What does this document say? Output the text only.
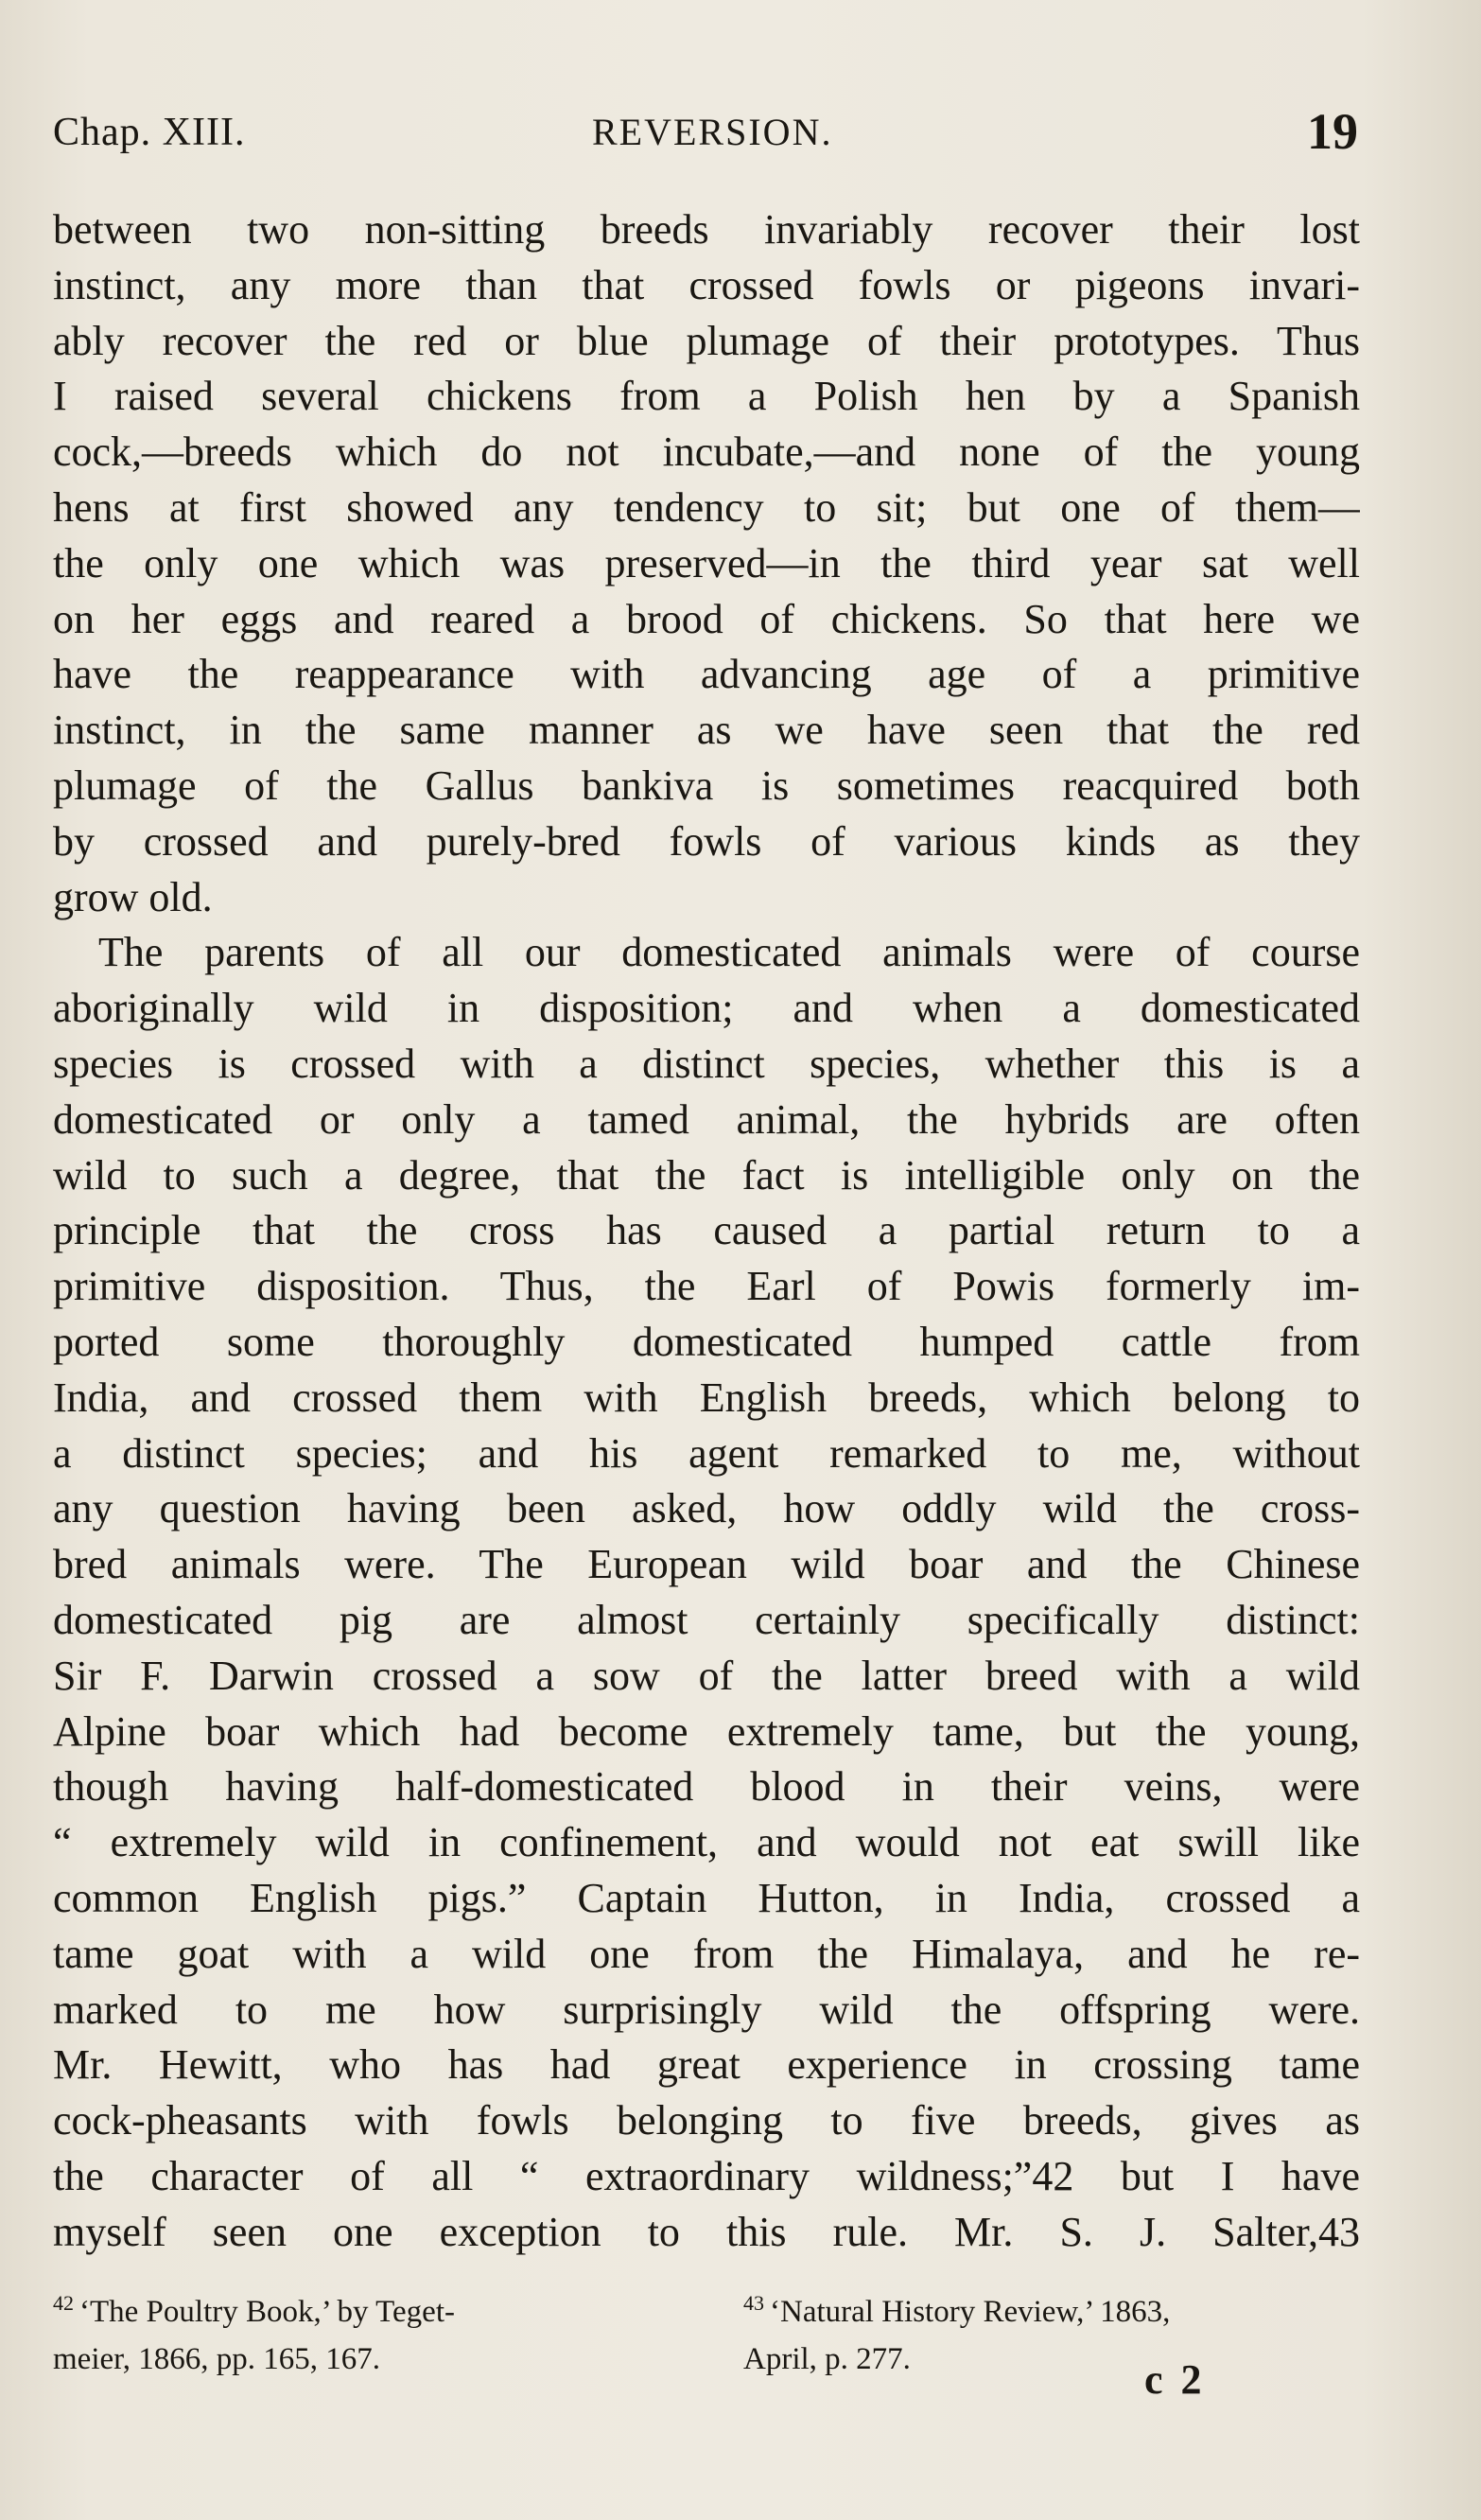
Chap. XIII.	REVERSION.	19
between two non-sitting breeds invariably recover their lost
instinct, any more than that crossed fowls or pigeons invari-
ably recover the red or blue plumage of their prototypes. Thus
I raised several chickens from a Polish hen by a Spanish
cock,—breeds which do not incubate,—and none of the young
hens at first showed any tendency to sit; but one of them—
the only one which was preserved—in the third year sat well
on her eggs and reared a brood of chickens. So that here we
have the reappearance with advancing age of a primitive
instinct, in the same manner as we have seen that the red
plumage of the Gallus bankiva is sometimes reacquired both
by crossed and purely-bred fowls of various kinds as they
grow old.
The parents of all our domesticated animals were of course
aboriginally wild in disposition; and when a domesticated
species is crossed with a distinct species, whether this is a
domesticated or only a tamed animal, the hybrids are often
wild to such a degree, that the fact is intelligible only on the
principle that the cross has caused a partial return to a
primitive disposition. Thus, the Earl of Powis formerly im-
ported some thoroughly domesticated humped cattle from
India, and crossed them with English breeds, which belong to
a distinct species; and his agent remarked to me, without
any question having been asked, how oddly wild the cross-
bred animals were. The European wild boar and the Chinese
domesticated pig are almost certainly specifically distinct:
Sir F. Darwin crossed a sow of the latter breed with a wild
Alpine boar which had become extremely tame, but the young,
though having half-domesticated blood in their veins, were
“ extremely wild in confinement, and would not eat swill like
common English pigs.” Captain Hutton, in India, crossed a
tame goat with a wild one from the Himalaya, and he re-
marked to me how surprisingly wild the offspring were.
Mr. Hewitt, who has had great experience in crossing tame
cock-pheasants with fowls belonging to five breeds, gives as
the character of all “ extraordinary wildness;”42 but I have
myself seen one exception to this rule. Mr. S. J. Salter,43
$^{42}$ ‘The Poultry Book,’ by Teget-
meier, 1866, pp. 165, 167.
$^{43}$ ‘Natural History Review,’ 1863,
April, p. 277.	c 2
